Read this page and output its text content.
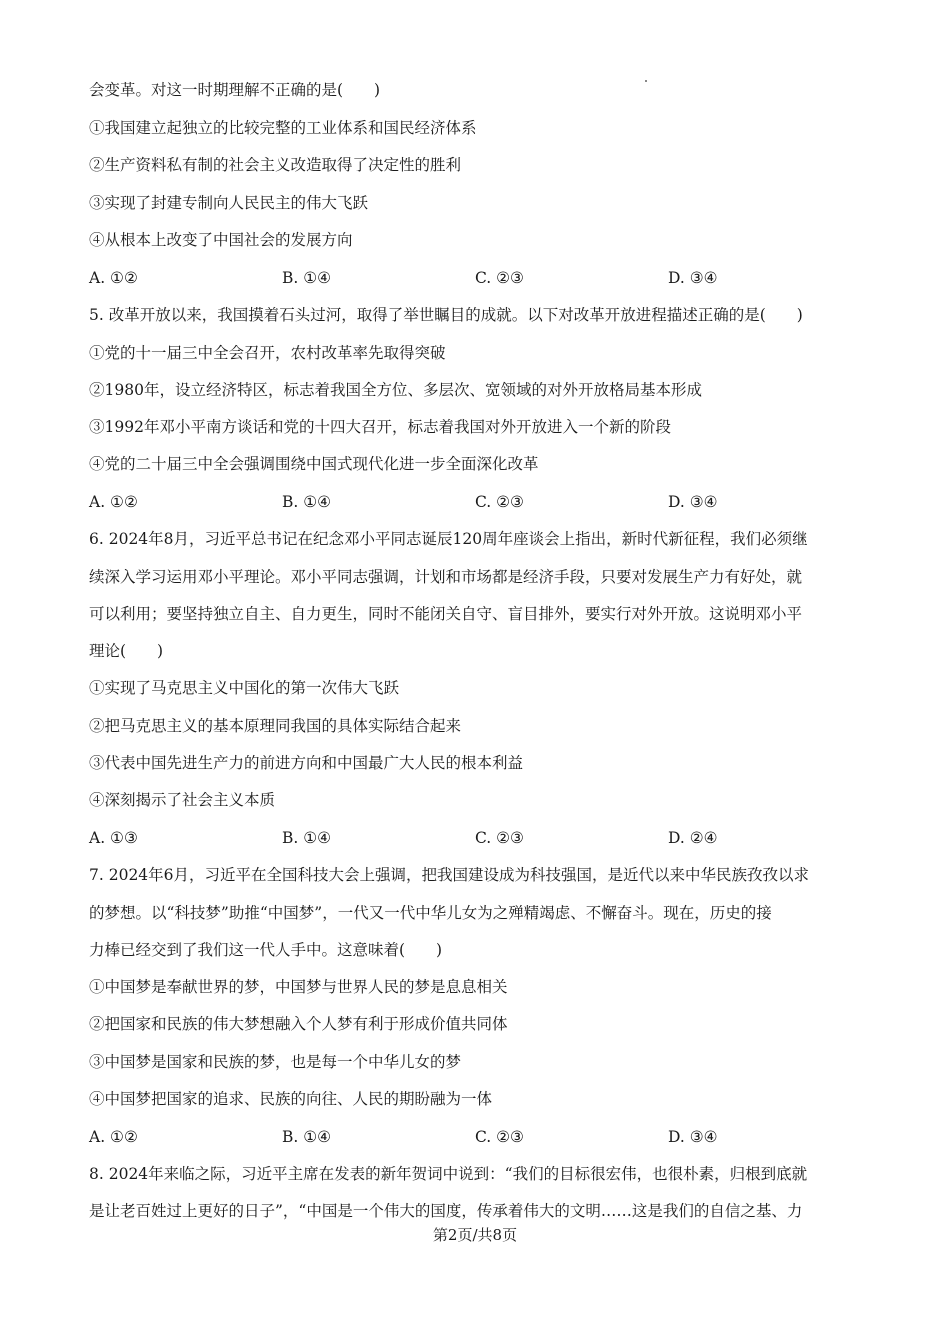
会变革。对这一时期理解不正确的是(　　)
①我国建立起独立的比较完整的工业体系和国民经济体系
②生产资料私有制的社会主义改造取得了决定性的胜利
③实现了封建专制向人民民主的伟大飞跃
④从根本上改变了中国社会的发展方向
A. ①②	B. ①④	C. ②③	D. ③④
5. 改革开放以来，我国摸着石头过河，取得了举世瞩目的成就。以下对改革开放进程描述正确的是(　　)
①党的十一届三中全会召开，农村改革率先取得突破
②1980年，设立经济特区，标志着我国全方位、多层次、宽领域的对外开放格局基本形成
③1992年邓小平南方谈话和党的十四大召开，标志着我国对外开放进入一个新的阶段
④党的二十届三中全会强调围绕中国式现代化进一步全面深化改革
A. ①②	B. ①④	C. ②③	D. ③④
6. 2024年8月，习近平总书记在纪念邓小平同志诞辰120周年座谈会上指出，新时代新征程，我们必须继
续深入学习运用邓小平理论。邓小平同志强调，计划和市场都是经济手段，只要对发展生产力有好处，就
可以利用；要坚持独立自主、自力更生，同时不能闭关自守、盲目排外，要实行对外开放。这说明邓小平
理论(　　)
①实现了马克思主义中国化的第一次伟大飞跃
②把马克思主义的基本原理同我国的具体实际结合起来
③代表中国先进生产力的前进方向和中国最广大人民的根本利益
④深刻揭示了社会主义本质
A. ①③	B. ①④	C. ②③	D. ②④
7. 2024年6月，习近平在全国科技大会上强调，把我国建设成为科技强国，是近代以来中华民族孜孜以求
的梦想。以“科技梦”助推“中国梦”，一代又一代中华儿女为之殚精竭虑、不懈奋斗。现在，历史的接
力棒已经交到了我们这一代人手中。这意味着(　　)
①中国梦是奉献世界的梦，中国梦与世界人民的梦是息息相关
②把国家和民族的伟大梦想融入个人梦有利于形成价值共同体
③中国梦是国家和民族的梦，也是每一个中华儿女的梦
④中国梦把国家的追求、民族的向往、人民的期盼融为一体
A. ①②	B. ①④	C. ②③	D. ③④
8. 2024年来临之际，习近平主席在发表的新年贺词中说到：“我们的目标很宏伟，也很朴素，归根到底就
是让老百姓过上更好的日子”，“中国是一个伟大的国度，传承着伟大的文明……这是我们的自信之基、力
第2页/共8页
